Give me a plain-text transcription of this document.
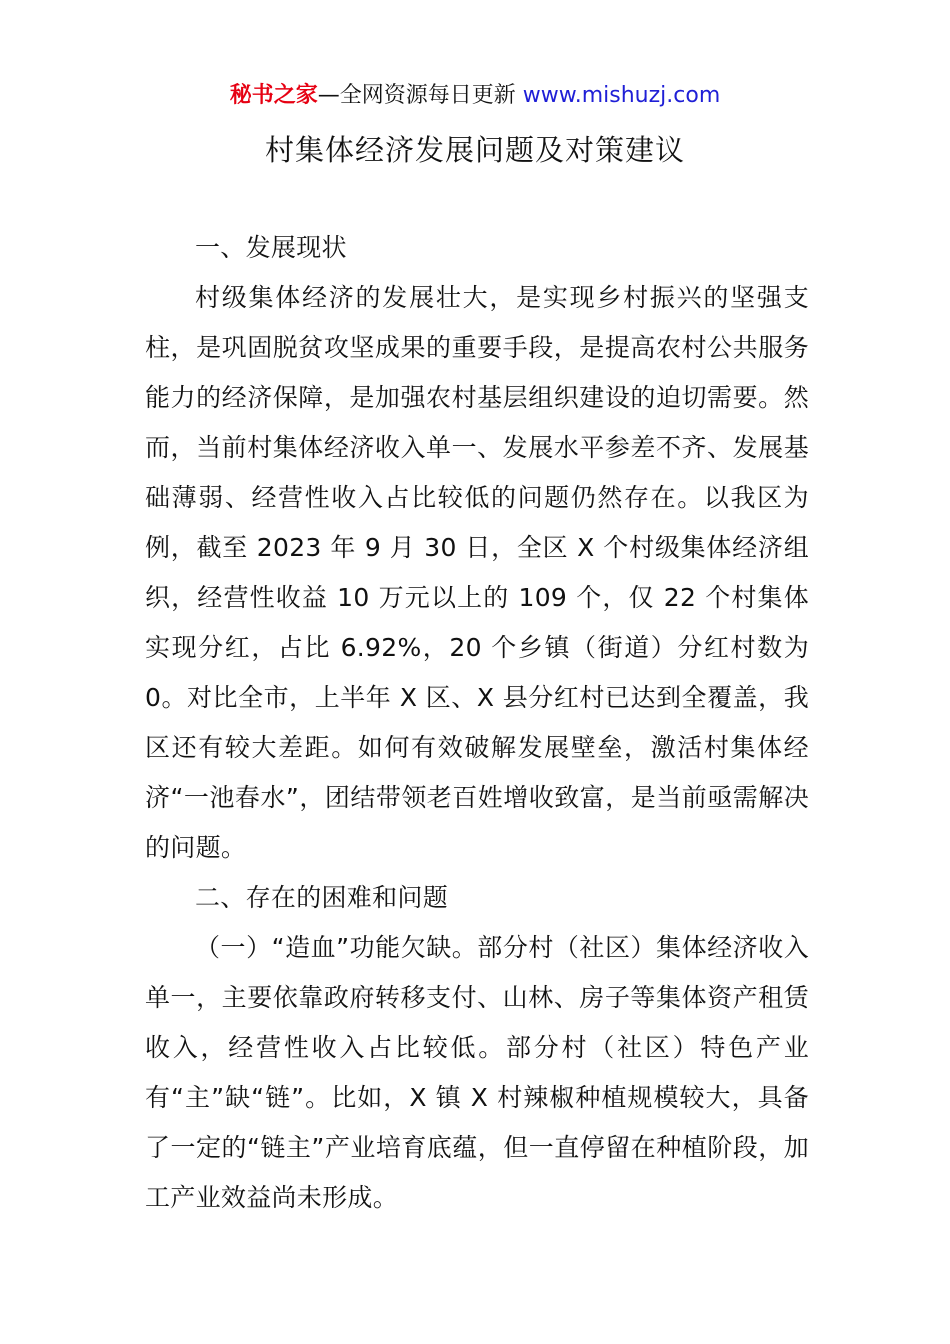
秘书之家—全网资源每日更新 www.mishuzj.com
村集体经济发展问题及对策建议

一、发展现状

村级集体经济的发展壮大，是实现乡村振兴的坚强支柱，是巩固脱贫攻坚成果的重要手段，是提高农村公共服务能力的经济保障，是加强农村基层组织建设的迫切需要。然而，当前村集体经济收入单一、发展水平参差不齐、发展基础薄弱、经营性收入占比较低的问题仍然存在。以我区为例，截至 2023 年 9 月 30 日，全区 X 个村级集体经济组织，经营性收益 10 万元以上的 109 个，仅 22 个村集体实现分红，占比 6.92%，20 个乡镇（街道）分红村数为 0。对比全市，上半年 X 区、X 县分红村已达到全覆盖，我区还有较大差距。如何有效破解发展壁垒，激活村集体经济“一池春水”，团结带领老百姓增收致富，是当前亟需解决的问题。

二、存在的困难和问题

（一）“造血”功能欠缺。部分村（社区）集体经济收入单一，主要依靠政府转移支付、山林、房子等集体资产租赁收入，经营性收入占比较低。部分村（社区）特色产业有“主”缺“链”。比如，X 镇 X 村辣椒种植规模较大，具备了一定的“链主”产业培育底蕴，但一直停留在种植阶段，加工产业效益尚未形成。
